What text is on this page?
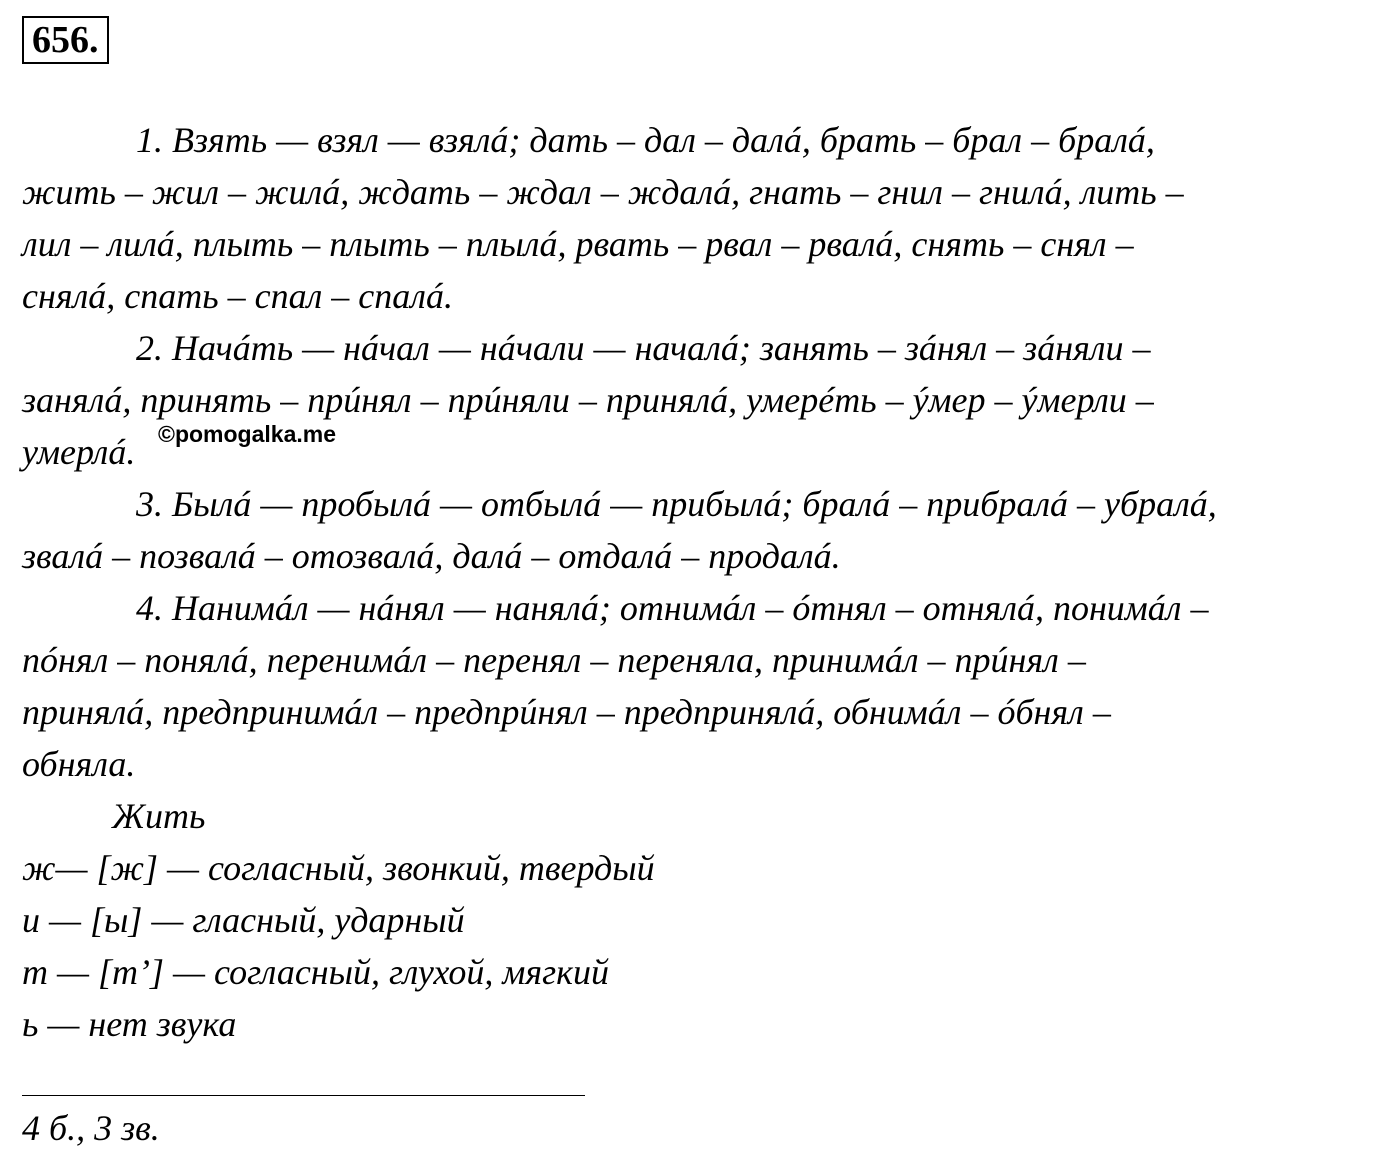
656.
1. Взять — взял — взялá; дать – дал – далá, брать – брал – бралá,
жить – жил – жилá, ждать – ждал – ждалá, гнать – гнил – гнилá, лить –
лил – лилá, плыть – плыть – плылá, рвать – рвал – рвалá, снять – снял –
снялá, спать – спал – спалá.
2. Начáть — нáчал — нáчали — началá; занять – зáнял – зáняли –
занялá, принять – прúнял – прúняли – принялá, умерéть – ýмер – ýмерли –
умерлá. ©pomogalka.me
3. Былá — пробылá — отбылá — прибылá; бралá – прибралá – убралá,
звалá – позвалá – отозвалá, далá – отдалá – продалá.
4. Нанимáл — нáнял — нанялá; отнимáл – óтнял – отнялá, понимáл –
пóнял – понялá, перенимáл – перенял – переняла, принимáл – прúнял –
принялá, предпринимáл – предпрúнял – предпринялá, обнимáл – óбнял –
обняла.
Жить
ж— [ж] — согласный, звонкий, твердый
и — [ы] — гласный, ударный
т — [т’] — согласный, глухой, мягкий
ь — нет звука
4 б., 3 зв.
